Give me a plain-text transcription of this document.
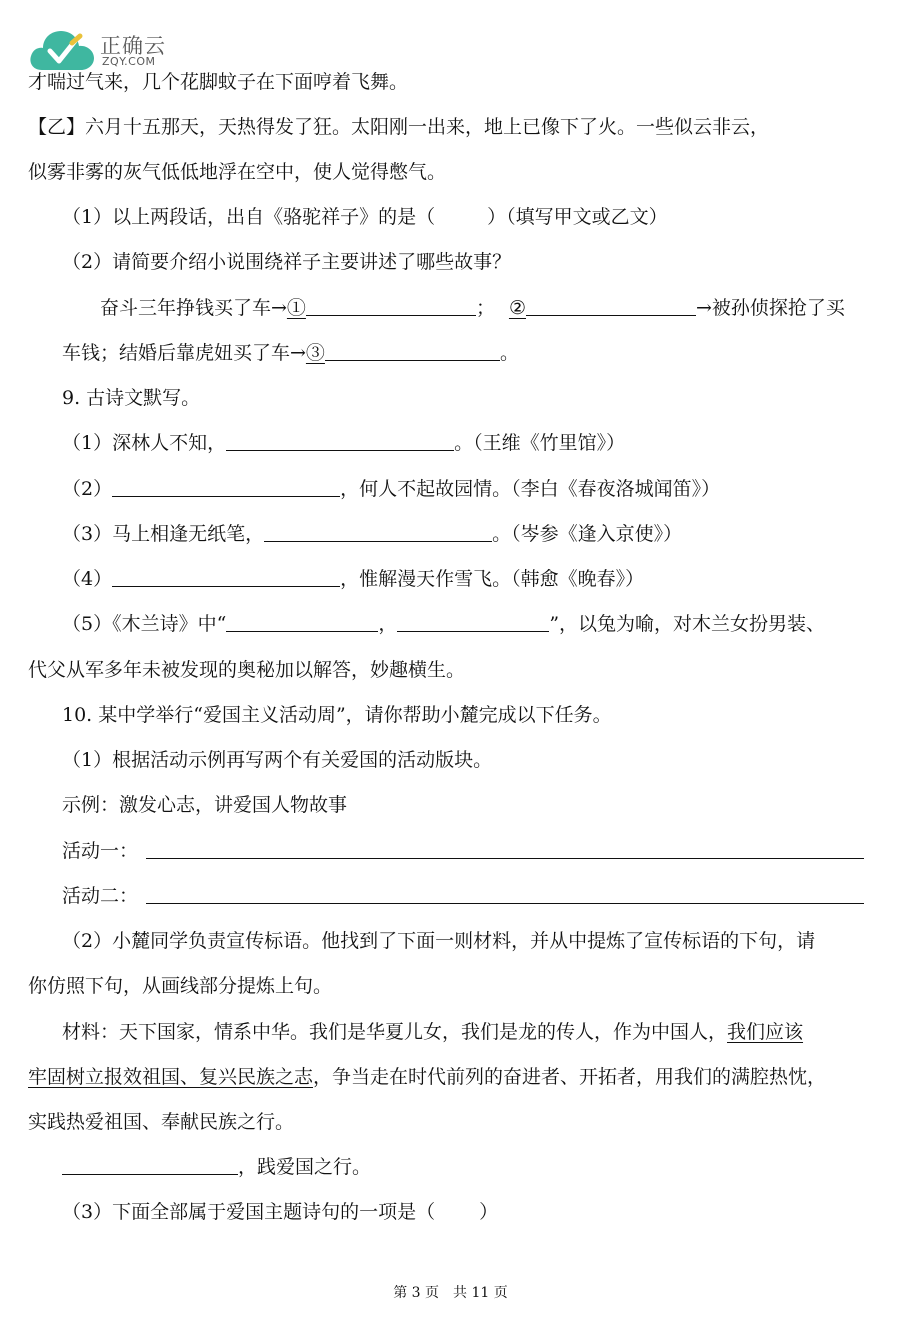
正确云
ZQY.COM
才喘过气来，几个花脚蚊子在下面哼着飞舞。
【乙】六月十五那天，天热得发了狂。太阳刚一出来，地上已像下了火。一些似云非云，
似雾非雾的灰气低低地浮在空中，使人觉得憋气。
（1）以上两段话，出自《骆驼祥子》的是（	）（填写甲文或乙文）
（2）请简要介绍小说围绕祥子主要讲述了哪些故事？
奋斗三年挣钱买了车→①	； ②	→被孙侦探抢了买
车钱；结婚后靠虎妞买了车→③	。
9. 古诗文默写。
（1）深林人不知，	。（王维《竹里馆》）
（2）	，何人不起故园情。（李白《春夜洛城闻笛》）
（3）马上相逢无纸笔，	。（岑参《逢入京使》）
（4）	，惟解漫天作雪飞。（韩愈《晚春》）
（5）《木兰诗》中“	，	”，以兔为喻，对木兰女扮男装、
代父从军多年未被发现的奥秘加以解答，妙趣横生。
10. 某中学举行“爱国主义活动周”，请你帮助小麓完成以下任务。
（1）根据活动示例再写两个有关爱国的活动版块。
示例：激发心志，讲爱国人物故事
活动一：
活动二：
（2）小麓同学负责宣传标语。他找到了下面一则材料，并从中提炼了宣传标语的下句，请
你仿照下句，从画线部分提炼上句。
材料：天下国家，情系中华。我们是华夏儿女，我们是龙的传人，作为中国人，我们应该
牢固树立报效祖国、复兴民族之志，争当走在时代前列的奋进者、开拓者，用我们的满腔热忱，
实践热爱祖国、奉献民族之行。
，践爱国之行。
（3）下面全部属于爱国主题诗句的一项是（ ）
第 3 页　共 11 页
